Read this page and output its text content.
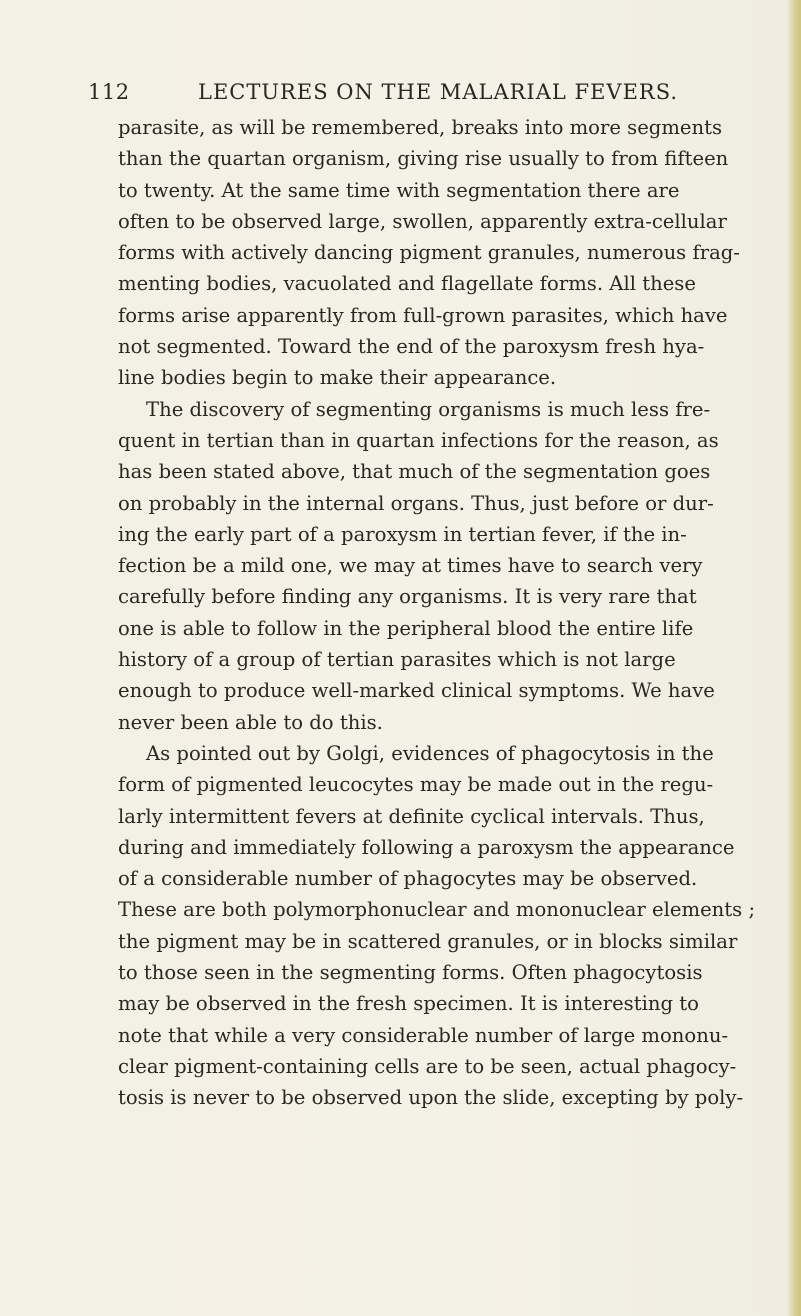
112	LECTURES ON THE MALARIAL FEVERS.
parasite, as will be remembered, breaks into more segments
than the quartan organism, giving rise usually to from fifteen
to twenty. At the same time with segmentation there are
often to be observed large, swollen, apparently extra-cellular
forms with actively dancing pigment granules, numerous frag-
menting bodies, vacuolated and flagellate forms. All these
forms arise apparently from full-grown parasites, which have
not segmented. Toward the end of the paroxysm fresh hya-
line bodies begin to make their appearance.
The discovery of segmenting organisms is much less fre-
quent in tertian than in quartan infections for the reason, as
has been stated above, that much of the segmentation goes
on probably in the internal organs. Thus, just before or dur-
ing the early part of a paroxysm in tertian fever, if the in-
fection be a mild one, we may at times have to search very
carefully before finding any organisms. It is very rare that
one is able to follow in the peripheral blood the entire life
history of a group of tertian parasites which is not large
enough to produce well-marked clinical symptoms. We have
never been able to do this.
As pointed out by Golgi, evidences of phagocytosis in the
form of pigmented leucocytes may be made out in the regu-
larly intermittent fevers at definite cyclical intervals. Thus,
during and immediately following a paroxysm the appearance
of a considerable number of phagocytes may be observed.
These are both polymorphonuclear and mononuclear elements ;
the pigment may be in scattered granules, or in blocks similar
to those seen in the segmenting forms. Often phagocytosis
may be observed in the fresh specimen. It is interesting to
note that while a very considerable number of large mononu-
clear pigment-containing cells are to be seen, actual phagocy-
tosis is never to be observed upon the slide, excepting by poly-
